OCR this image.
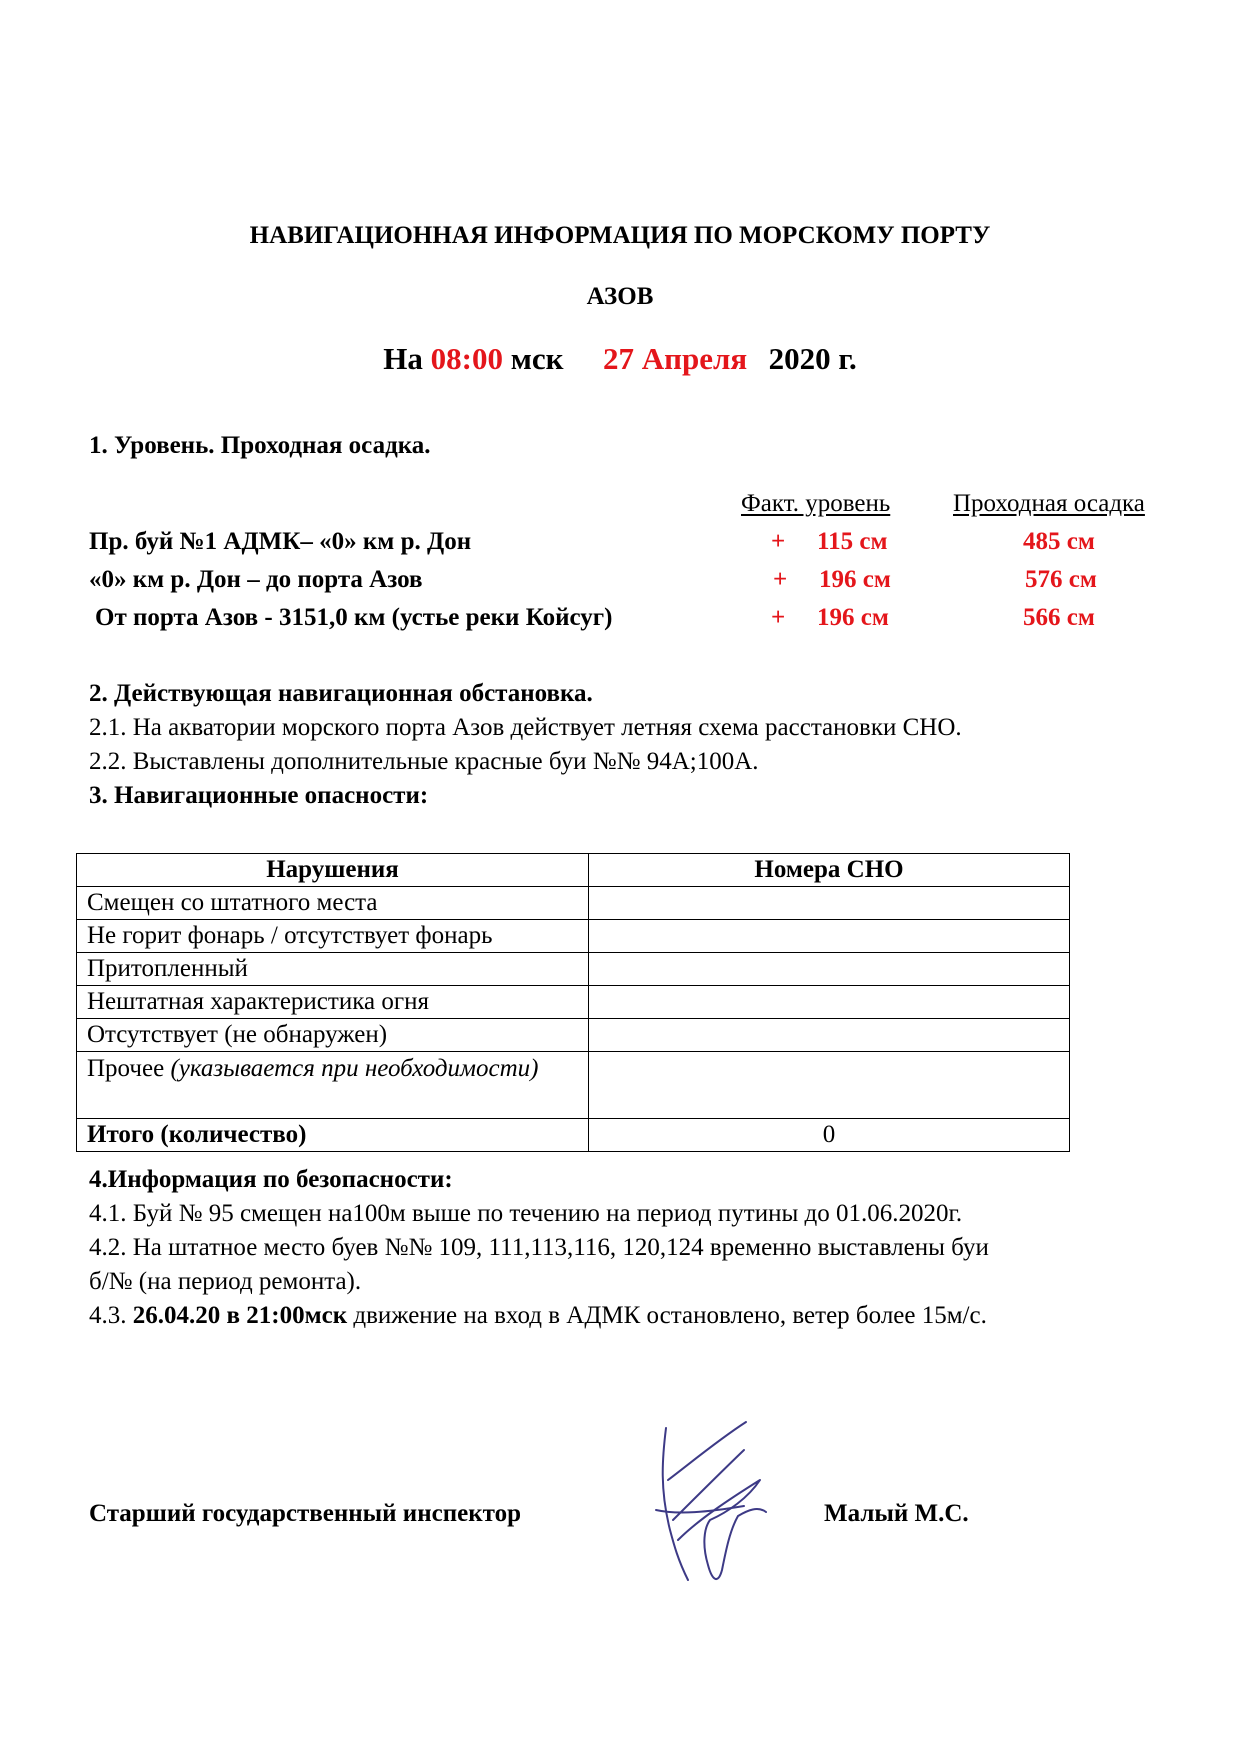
НАВИГАЦИОННАЯ ИНФОРМАЦИЯ ПО МОРСКОМУ ПОРТУ
АЗОВ
На 08:00 мск 27 Апреля 2020 г.
1. Уровень. Проходная осадка.
Факт. уровень	Проходная осадка
Пр. буй №1 АДМК– «0» км р. Дон	+ 115 см	485 см
«0» км р. Дон – до порта Азов	+ 196 см	576 см
От порта Азов - 3151,0 км (устье реки Койсуг)	+ 196 см	566 см
2. Действующая навигационная обстановка.
2.1. На акватории морского порта Азов действует летняя схема расстановки СНО.
2.2. Выставлены дополнительные красные буи №№ 94А;100А.
3. Навигационные опасности:
Нарушения	Номера СНО
Смещен со штатного места	
Не горит фонарь / отсутствует фонарь	
Притопленный	
Нештатная характеристика огня	
Отсутствует (не обнаружен)	
Прочее (указывается при необходимости)	
Итого (количество)	0
4.Информация по безопасности:
4.1. Буй № 95 смещен на100м выше по течению на период путины до 01.06.2020г.
4.2. На штатное место буев №№ 109, 111,113,116, 120,124 временно выставлены буи
б/№ (на период ремонта).
4.3. 26.04.20 в 21:00мск движение на вход в АДМК остановлено, ветер более 15м/с.
Старший государственный инспектор	Малый М.С.
